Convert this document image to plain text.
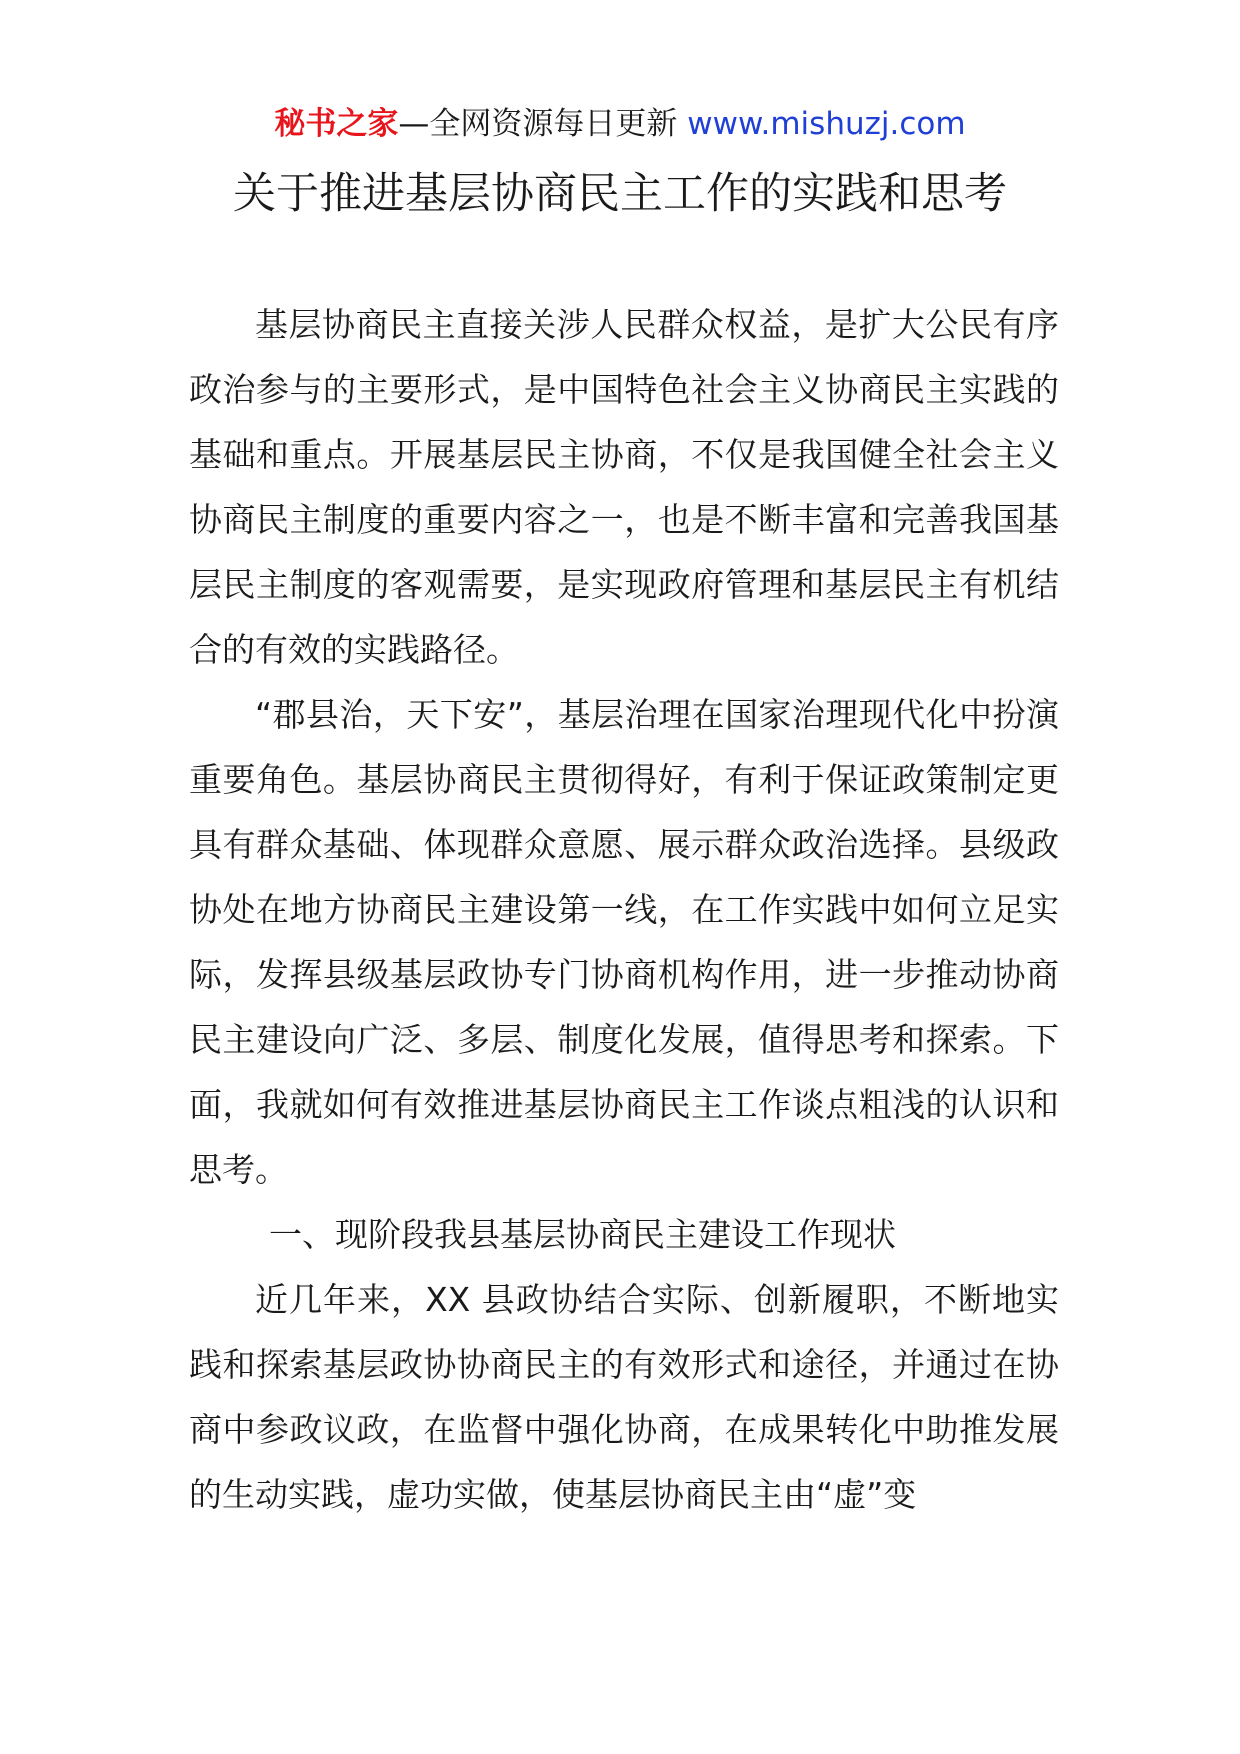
秘书之家—全网资源每日更新 www.mishuzj.com
关于推进基层协商民主工作的实践和思考

基层协商民主直接关涉人民群众权益，是扩大公民有序政治参与的主要形式，是中国特色社会主义协商民主实践的基础和重点。开展基层民主协商，不仅是我国健全社会主义协商民主制度的重要内容之一，也是不断丰富和完善我国基层民主制度的客观需要，是实现政府管理和基层民主有机结合的有效的实践路径。

“郡县治，天下安”，基层治理在国家治理现代化中扮演重要角色。基层协商民主贯彻得好，有利于保证政策制定更具有群众基础、体现群众意愿、展示群众政治选择。县级政协处在地方协商民主建设第一线，在工作实践中如何立足实际，发挥县级基层政协专门协商机构作用，进一步推动协商民主建设向广泛、多层、制度化发展，值得思考和探索。下面，我就如何有效推进基层协商民主工作谈点粗浅的认识和思考。

一、现阶段我县基层协商民主建设工作现状

近几年来，XX 县政协结合实际、创新履职，不断地实践和探索基层政协协商民主的有效形式和途径，并通过在协商中参政议政，在监督中强化协商，在成果转化中助推发展的生动实践，虚功实做，使基层协商民主由“虚”变
